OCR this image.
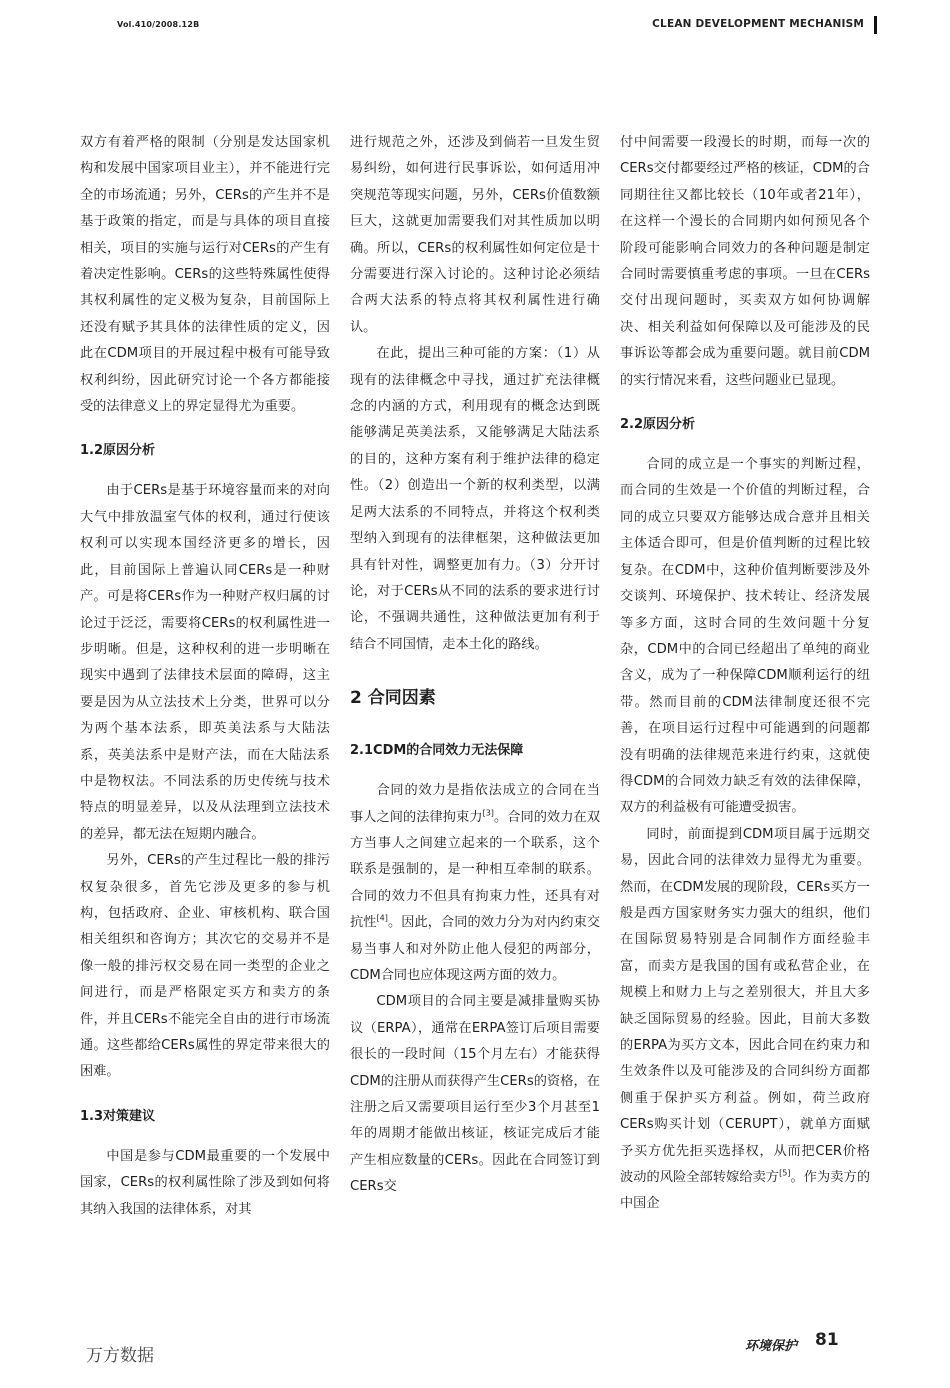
Vol.410/2008.12B	CLEAN DEVELOPMENT MECHANISM

双方有着严格的限制（分别是发达国家机构和发展中国家项目业主），并不能进行完全的市场流通；另外，CERs的产生并不是基于政策的指定，而是与具体的项目直接相关，项目的实施与运行对CERs的产生有着决定性影响。CERs的这些特殊属性使得其权利属性的定义极为复杂，目前国际上还没有赋予其具体的法律性质的定义，因此在CDM项目的开展过程中极有可能导致权利纠纷，因此研究讨论一个各方都能接受的法律意义上的界定显得尤为重要。

1.2原因分析

由于CERs是基于环境容量而来的对向大气中排放温室气体的权利，通过行使该权利可以实现本国经济更多的增长，因此，目前国际上普遍认同CERs是一种财产。可是将CERs作为一种财产权归属的讨论过于泛泛，需要将CERs的权利属性进一步明晰。但是，这种权利的进一步明晰在现实中遇到了法律技术层面的障碍，这主要是因为从立法技术上分类，世界可以分为两个基本法系，即英美法系与大陆法系，英美法系中是财产法，而在大陆法系中是物权法。不同法系的历史传统与技术特点的明显差异，以及从法理到立法技术的差异，都无法在短期内融合。

另外，CERs的产生过程比一般的排污权复杂很多，首先它涉及更多的参与机构，包括政府、企业、审核机构、联合国相关组织和咨询方；其次它的交易并不是像一般的排污权交易在同一类型的企业之间进行，而是严格限定买方和卖方的条件，并且CERs不能完全自由的进行市场流通。这些都给CERs属性的界定带来很大的困难。

1.3对策建议

中国是参与CDM最重要的一个发展中国家，CERs的权利属性除了涉及到如何将其纳入我国的法律体系，对其

进行规范之外，还涉及到倘若一旦发生贸易纠纷，如何进行民事诉讼，如何适用冲突规范等现实问题，另外，CERs价值数额巨大，这就更加需要我们对其性质加以明确。所以，CERs的权利属性如何定位是十分需要进行深入讨论的。这种讨论必须结合两大法系的特点将其权利属性进行确认。

在此，提出三种可能的方案：（1）从现有的法律概念中寻找，通过扩充法律概念的内涵的方式，利用现有的概念达到既能够满足英美法系，又能够满足大陆法系的目的，这种方案有利于维护法律的稳定性。（2）创造出一个新的权利类型，以满足两大法系的不同特点，并将这个权利类型纳入到现有的法律框架，这种做法更加具有针对性，调整更加有力。（3）分开讨论，对于CERs从不同的法系的要求进行讨论，不强调共通性，这种做法更加有利于结合不同国情，走本土化的路线。

2 合同因素
2.1CDM的合同效力无法保障

合同的效力是指依法成立的合同在当事人之间的法律拘束力[3]。合同的效力在双方当事人之间建立起来的一个联系，这个联系是强制的，是一种相互牵制的联系。合同的效力不但具有拘束力性，还具有对抗性[4]。因此，合同的效力分为对内约束交易当事人和对外防止他人侵犯的两部分，CDM合同也应体现这两方面的效力。

CDM项目的合同主要是减排量购买协议（ERPA），通常在ERPA签订后项目需要很长的一段时间（15个月左右）才能获得CDM的注册从而获得产生CERs的资格，在注册之后又需要项目运行至少3个月甚至1年的周期才能做出核证，核证完成后才能产生相应数量的CERs。因此在合同签订到CERs交

付中间需要一段漫长的时期，而每一次的CERs交付都要经过严格的核证，CDM的合同期往往又都比较长（10年或者21年），在这样一个漫长的合同期内如何预见各个阶段可能影响合同效力的各种问题是制定合同时需要慎重考虑的事项。一旦在CERs交付出现问题时，买卖双方如何协调解决、相关利益如何保障以及可能涉及的民事诉讼等都会成为重要问题。就目前CDM的实行情况来看，这些问题业已显现。

2.2原因分析

合同的成立是一个事实的判断过程，而合同的生效是一个价值的判断过程，合同的成立只要双方能够达成合意并且相关主体适合即可，但是价值判断的过程比较复杂。在CDM中，这种价值判断要涉及外交谈判、环境保护、技术转让、经济发展等多方面，这时合同的生效问题十分复杂，CDM中的合同已经超出了单纯的商业含义，成为了一种保障CDM顺利运行的纽带。然而目前的CDM法律制度还很不完善，在项目运行过程中可能遇到的问题都没有明确的法律规范来进行约束，这就使得CDM的合同效力缺乏有效的法律保障，双方的利益极有可能遭受损害。

同时，前面提到CDM项目属于远期交易，因此合同的法律效力显得尤为重要。然而，在CDM发展的现阶段，CERs买方一般是西方国家财务实力强大的组织，他们在国际贸易特别是合同制作方面经验丰富，而卖方是我国的国有或私营企业，在规模上和财力上与之差别很大，并且大多缺乏国际贸易的经验。因此，目前大多数的ERPA为买方文本，因此合同在约束力和生效条件以及可能涉及的合同纠纷方面都侧重于保护买方利益。例如，荷兰政府CERs购买计划（CERUPT），就单方面赋予买方优先拒买选择权，从而把CER价格波动的风险全部转嫁给卖方[5]。作为卖方的中国企

万方数据	环境保护 81
